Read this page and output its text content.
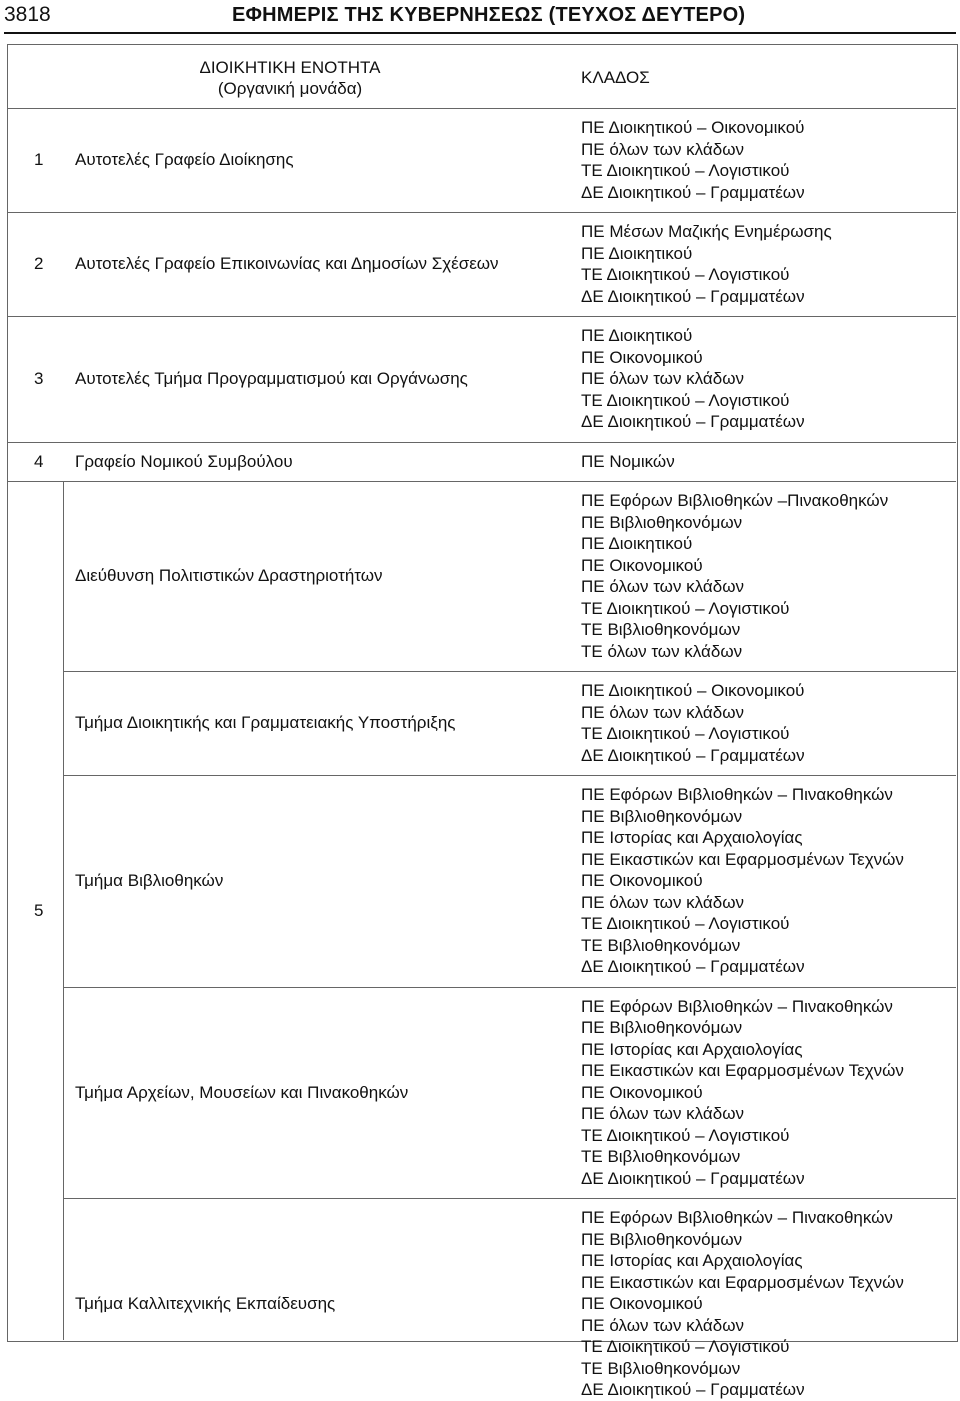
3818	ΕΦΗΜΕΡΙΣ ΤΗΣ ΚΥΒΕΡΝΗΣΕΩΣ (ΤΕΥΧΟΣ ΔΕΥΤΕΡΟ)
ΔΙΟΙΚΗΤΙΚΗ ΕΝΟΤΗΤΑ
(Οργανική μονάδα)
ΚΛΑΔΟΣ
1 Αυτοτελές Γραφείο Διοίκησης
ΠΕ Διοικητικού – Οικονομικού
ΠΕ όλων των κλάδων
ΤΕ Διοικητικού – Λογιστικού
ΔΕ Διοικητικού – Γραμματέων
2 Αυτοτελές Γραφείο Επικοινωνίας και Δημοσίων Σχέσεων
ΠΕ Μέσων Μαζικής Ενημέρωσης
ΠΕ Διοικητικού
ΤΕ Διοικητικού – Λογιστικού
ΔΕ Διοικητικού – Γραμματέων
3 Αυτοτελές Τμήμα Προγραμματισμού και Οργάνωσης
ΠΕ Διοικητικού
ΠΕ Οικονομικού
ΠΕ όλων των κλάδων
ΤΕ Διοικητικού – Λογιστικού
ΔΕ Διοικητικού – Γραμματέων
4 Γραφείο Νομικού Συμβούλου	ΠΕ Νομικών
Διεύθυνση Πολιτιστικών Δραστηριοτήτων
ΠΕ Εφόρων Βιβλιοθηκών –Πινακοθηκών
ΠΕ Βιβλιοθηκονόμων
ΠΕ Διοικητικού
ΠΕ Οικονομικού
ΠΕ όλων των κλάδων
ΤΕ Διοικητικού – Λογιστικού
ΤΕ Βιβλιοθηκονόμων
ΤΕ όλων των κλάδων
Τμήμα Διοικητικής και Γραμματειακής Υποστήριξης
ΠΕ Διοικητικού – Οικονομικού
ΠΕ όλων των κλάδων
ΤΕ Διοικητικού – Λογιστικού
ΔΕ Διοικητικού – Γραμματέων
Τμήμα Βιβλιοθηκών
ΠΕ Εφόρων Βιβλιοθηκών – Πινακοθηκών
ΠΕ Βιβλιοθηκονόμων
ΠΕ Ιστορίας και Αρχαιολογίας
ΠΕ Εικαστικών και Εφαρμοσμένων Τεχνών
ΠΕ Οικονομικού
ΠΕ όλων των κλάδων
ΤΕ Διοικητικού – Λογιστικού
ΤΕ Βιβλιοθηκονόμων
ΔΕ Διοικητικού – Γραμματέων
Τμήμα Αρχείων, Μουσείων και Πινακοθηκών
ΠΕ Εφόρων Βιβλιοθηκών – Πινακοθηκών
ΠΕ Βιβλιοθηκονόμων
ΠΕ Ιστορίας και Αρχαιολογίας
ΠΕ Εικαστικών και Εφαρμοσμένων Τεχνών
ΠΕ Οικονομικού
ΠΕ όλων των κλάδων
ΤΕ Διοικητικού – Λογιστικού
ΤΕ Βιβλιοθηκονόμων
ΔΕ Διοικητικού – Γραμματέων
Τμήμα Καλλιτεχνικής Εκπαίδευσης
ΠΕ Εφόρων Βιβλιοθηκών – Πινακοθηκών
ΠΕ Βιβλιοθηκονόμων
ΠΕ Ιστορίας και Αρχαιολογίας
ΠΕ Εικαστικών και Εφαρμοσμένων Τεχνών
ΠΕ Οικονομικού
ΠΕ όλων των κλάδων
ΤΕ Διοικητικού – Λογιστικού
ΤΕ Βιβλιοθηκονόμων
ΔΕ Διοικητικού – Γραμματέων
5
